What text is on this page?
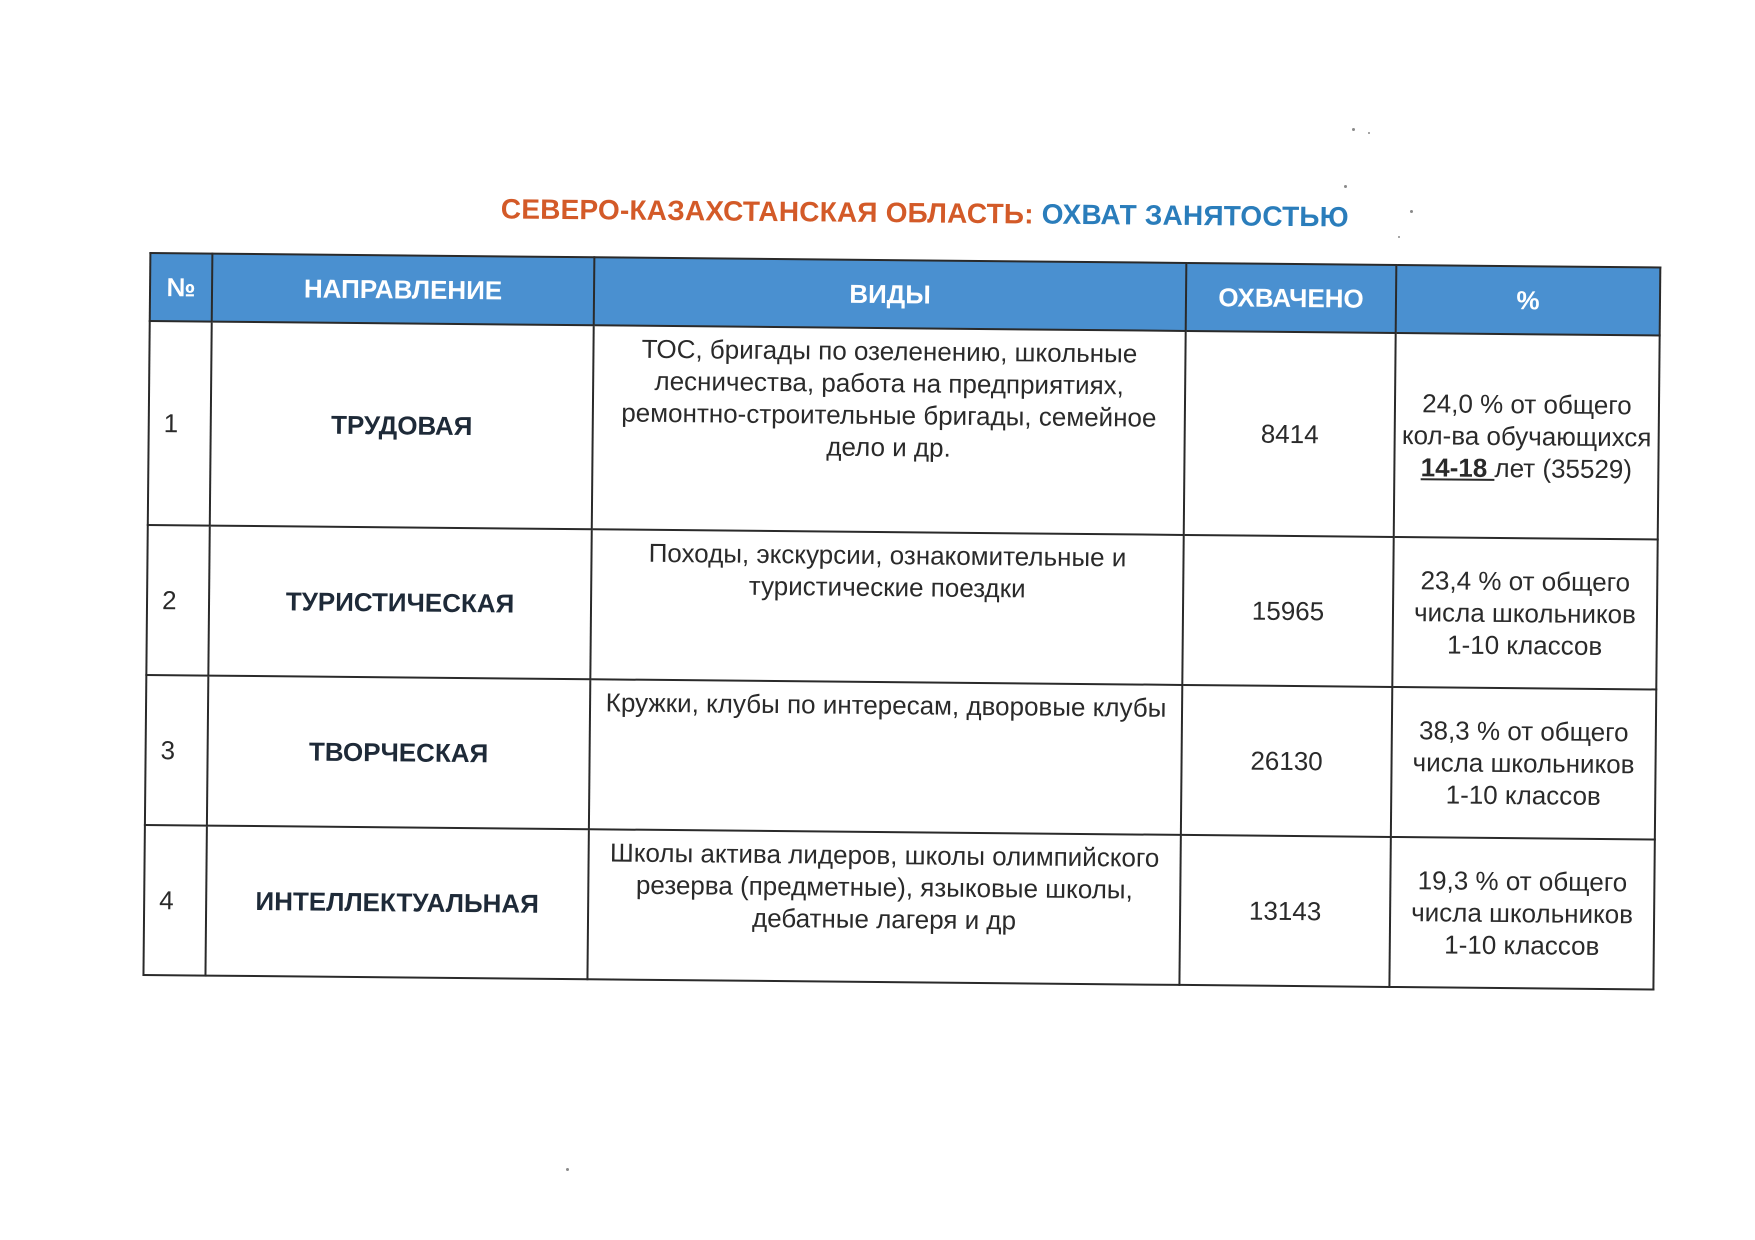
СЕВЕРО-КАЗАХСТАНСКАЯ ОБЛАСТЬ: ОХВАТ ЗАНЯТОСТЬЮ
№	НАПРАВЛЕНИЕ	ВИДЫ	ОХВАЧЕНО	%
1	ТРУДОВАЯ	ТОС, бригады по озеленению, школьные лесничества, работа на предприятиях, ремонтно-строительные бригады, семейное дело и др.	8414	24,0 % от общего кол-ва обучающихся 14-18 лет (35529)
2	ТУРИСТИЧЕСКАЯ	Походы, экскурсии, ознакомительные и туристические поездки	15965	23,4 % от общего числа школьников 1-10 классов
3	ТВОРЧЕСКАЯ	Кружки, клубы по интересам, дворовые клубы	26130	38,3 % от общего числа школьников 1-10 классов
4	ИНТЕЛЛЕКТУАЛЬНАЯ	Школы актива лидеров, школы олимпийского резерва (предметные), языковые школы, дебатные лагеря и др	13143	19,3 % от общего числа школьников 1-10 классов
